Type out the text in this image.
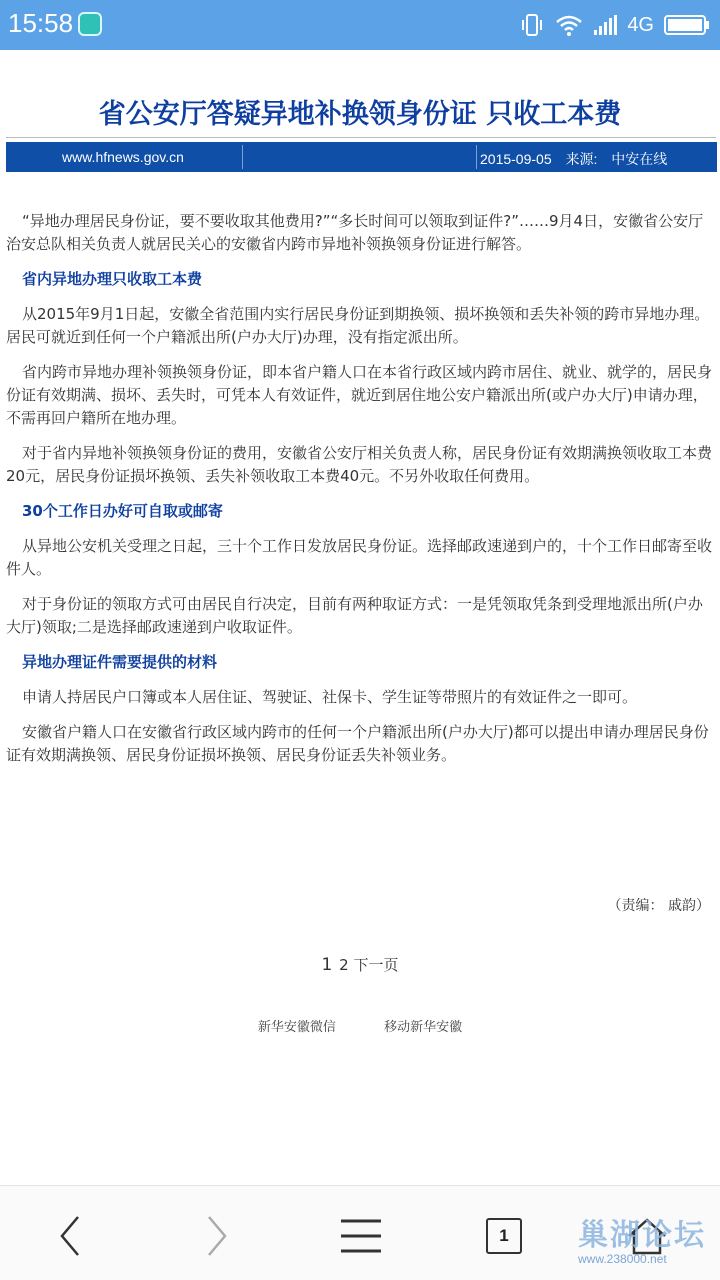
15:58	4G
省公安厅答疑异地补换领身份证 只收工本费
www.hfnews.gov.cn	2015-09-05 来源: 中安在线

“异地办理居民身份证，要不要收取其他费用?”“多长时间可以领取到证件?”……9月4日，安徽省公安厅治安总队相关负责人就居民关心的安徽省内跨市异地补领换领身份证进行解答。

省内异地办理只收取工本费

从2015年9月1日起，安徽全省范围内实行居民身份证到期换领、损坏换领和丢失补领的跨市异地办理。居民可就近到任何一个户籍派出所(户办大厅)办理，没有指定派出所。

省内跨市异地办理补领换领身份证，即本省户籍人口在本省行政区域内跨市居住、就业、就学的，居民身份证有效期满、损坏、丢失时，可凭本人有效证件，就近到居住地公安户籍派出所(或户办大厅)申请办理，不需再回户籍所在地办理。

对于省内异地补领换领身份证的费用，安徽省公安厅相关负责人称，居民身份证有效期满换领收取工本费20元，居民身份证损坏换领、丢失补领收取工本费40元。不另外收取任何费用。

30个工作日办好可自取或邮寄

从异地公安机关受理之日起，三十个工作日发放居民身份证。选择邮政速递到户的，十个工作日邮寄至收件人。

对于身份证的领取方式可由居民自行决定，目前有两种取证方式：一是凭领取凭条到受理地派出所(户办大厅)领取;二是选择邮政速递到户收取证件。

异地办理证件需要提供的材料

申请人持居民户口簿或本人居住证、驾驶证、社保卡、学生证等带照片的有效证件之一即可。

安徽省户籍人口在安徽省行政区域内跨市的任何一个户籍派出所(户办大厅)都可以提出申请办理居民身份证有效期满换领、居民身份证损坏换领、居民身份证丢失补领业务。

（责编： 戚韵）
1 2 下一页
新华安徽微信	移动新华安徽
1	巢湖论坛
www.238000.net
